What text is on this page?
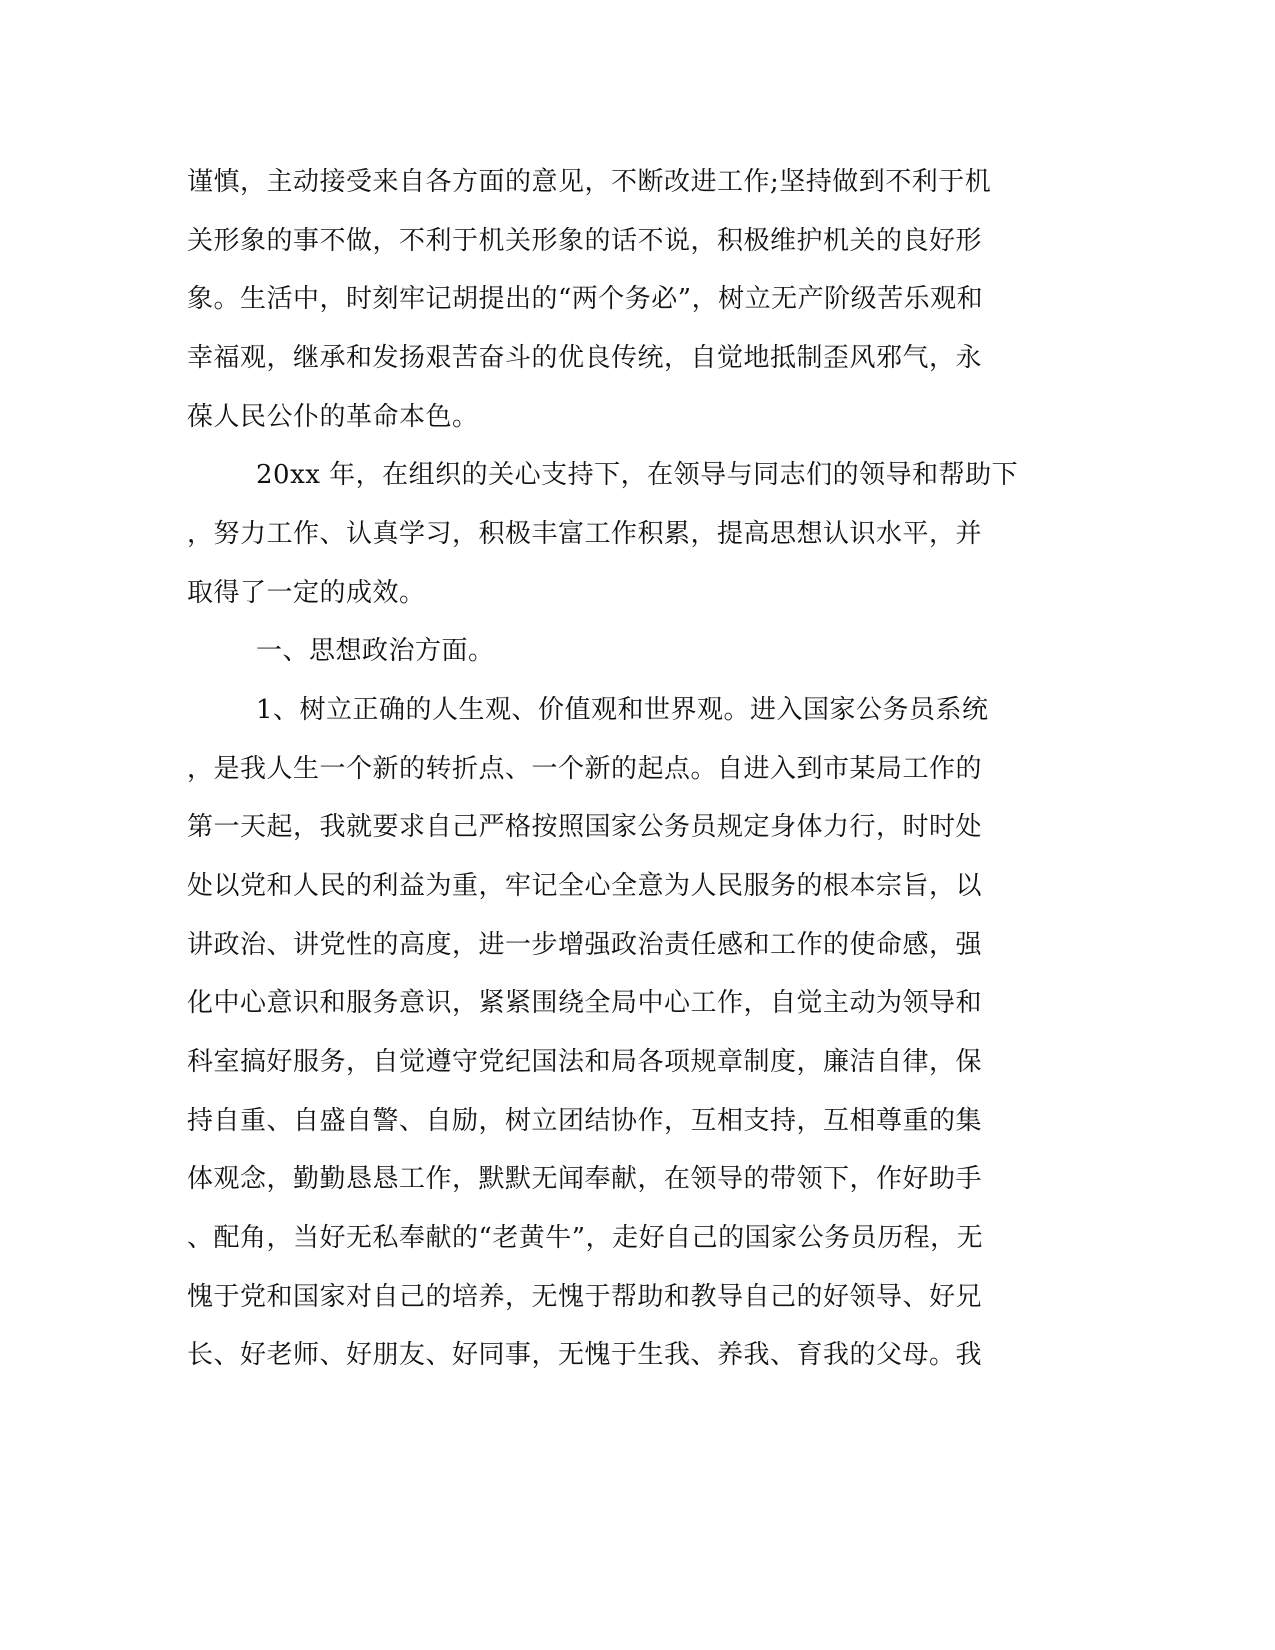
谨慎，主动接受来自各方面的意见，不断改进工作;坚持做到不利于机
关形象的事不做，不利于机关形象的话不说，积极维护机关的良好形
象。生活中，时刻牢记胡提出的“两个务必”，树立无产阶级苦乐观和
幸福观，继承和发扬艰苦奋斗的优良传统，自觉地抵制歪风邪气，永
葆人民公仆的革命本色。
20xx 年，在组织的关心支持下，在领导与同志们的领导和帮助下
，努力工作、认真学习，积极丰富工作积累，提高思想认识水平，并
取得了一定的成效。
一、思想政治方面。
1、树立正确的人生观、价值观和世界观。进入国家公务员系统
，是我人生一个新的转折点、一个新的起点。自进入到市某局工作的
第一天起，我就要求自己严格按照国家公务员规定身体力行，时时处
处以党和人民的利益为重，牢记全心全意为人民服务的根本宗旨，以
讲政治、讲党性的高度，进一步增强政治责任感和工作的使命感，强
化中心意识和服务意识，紧紧围绕全局中心工作，自觉主动为领导和
科室搞好服务，自觉遵守党纪国法和局各项规章制度，廉洁自律，保
持自重、自盛自警、自励，树立团结协作，互相支持，互相尊重的集
体观念，勤勤恳恳工作，默默无闻奉献，在领导的带领下，作好助手
、配角，当好无私奉献的“老黄牛”，走好自己的国家公务员历程，无
愧于党和国家对自己的培养，无愧于帮助和教导自己的好领导、好兄
长、好老师、好朋友、好同事，无愧于生我、养我、育我的父母。我
